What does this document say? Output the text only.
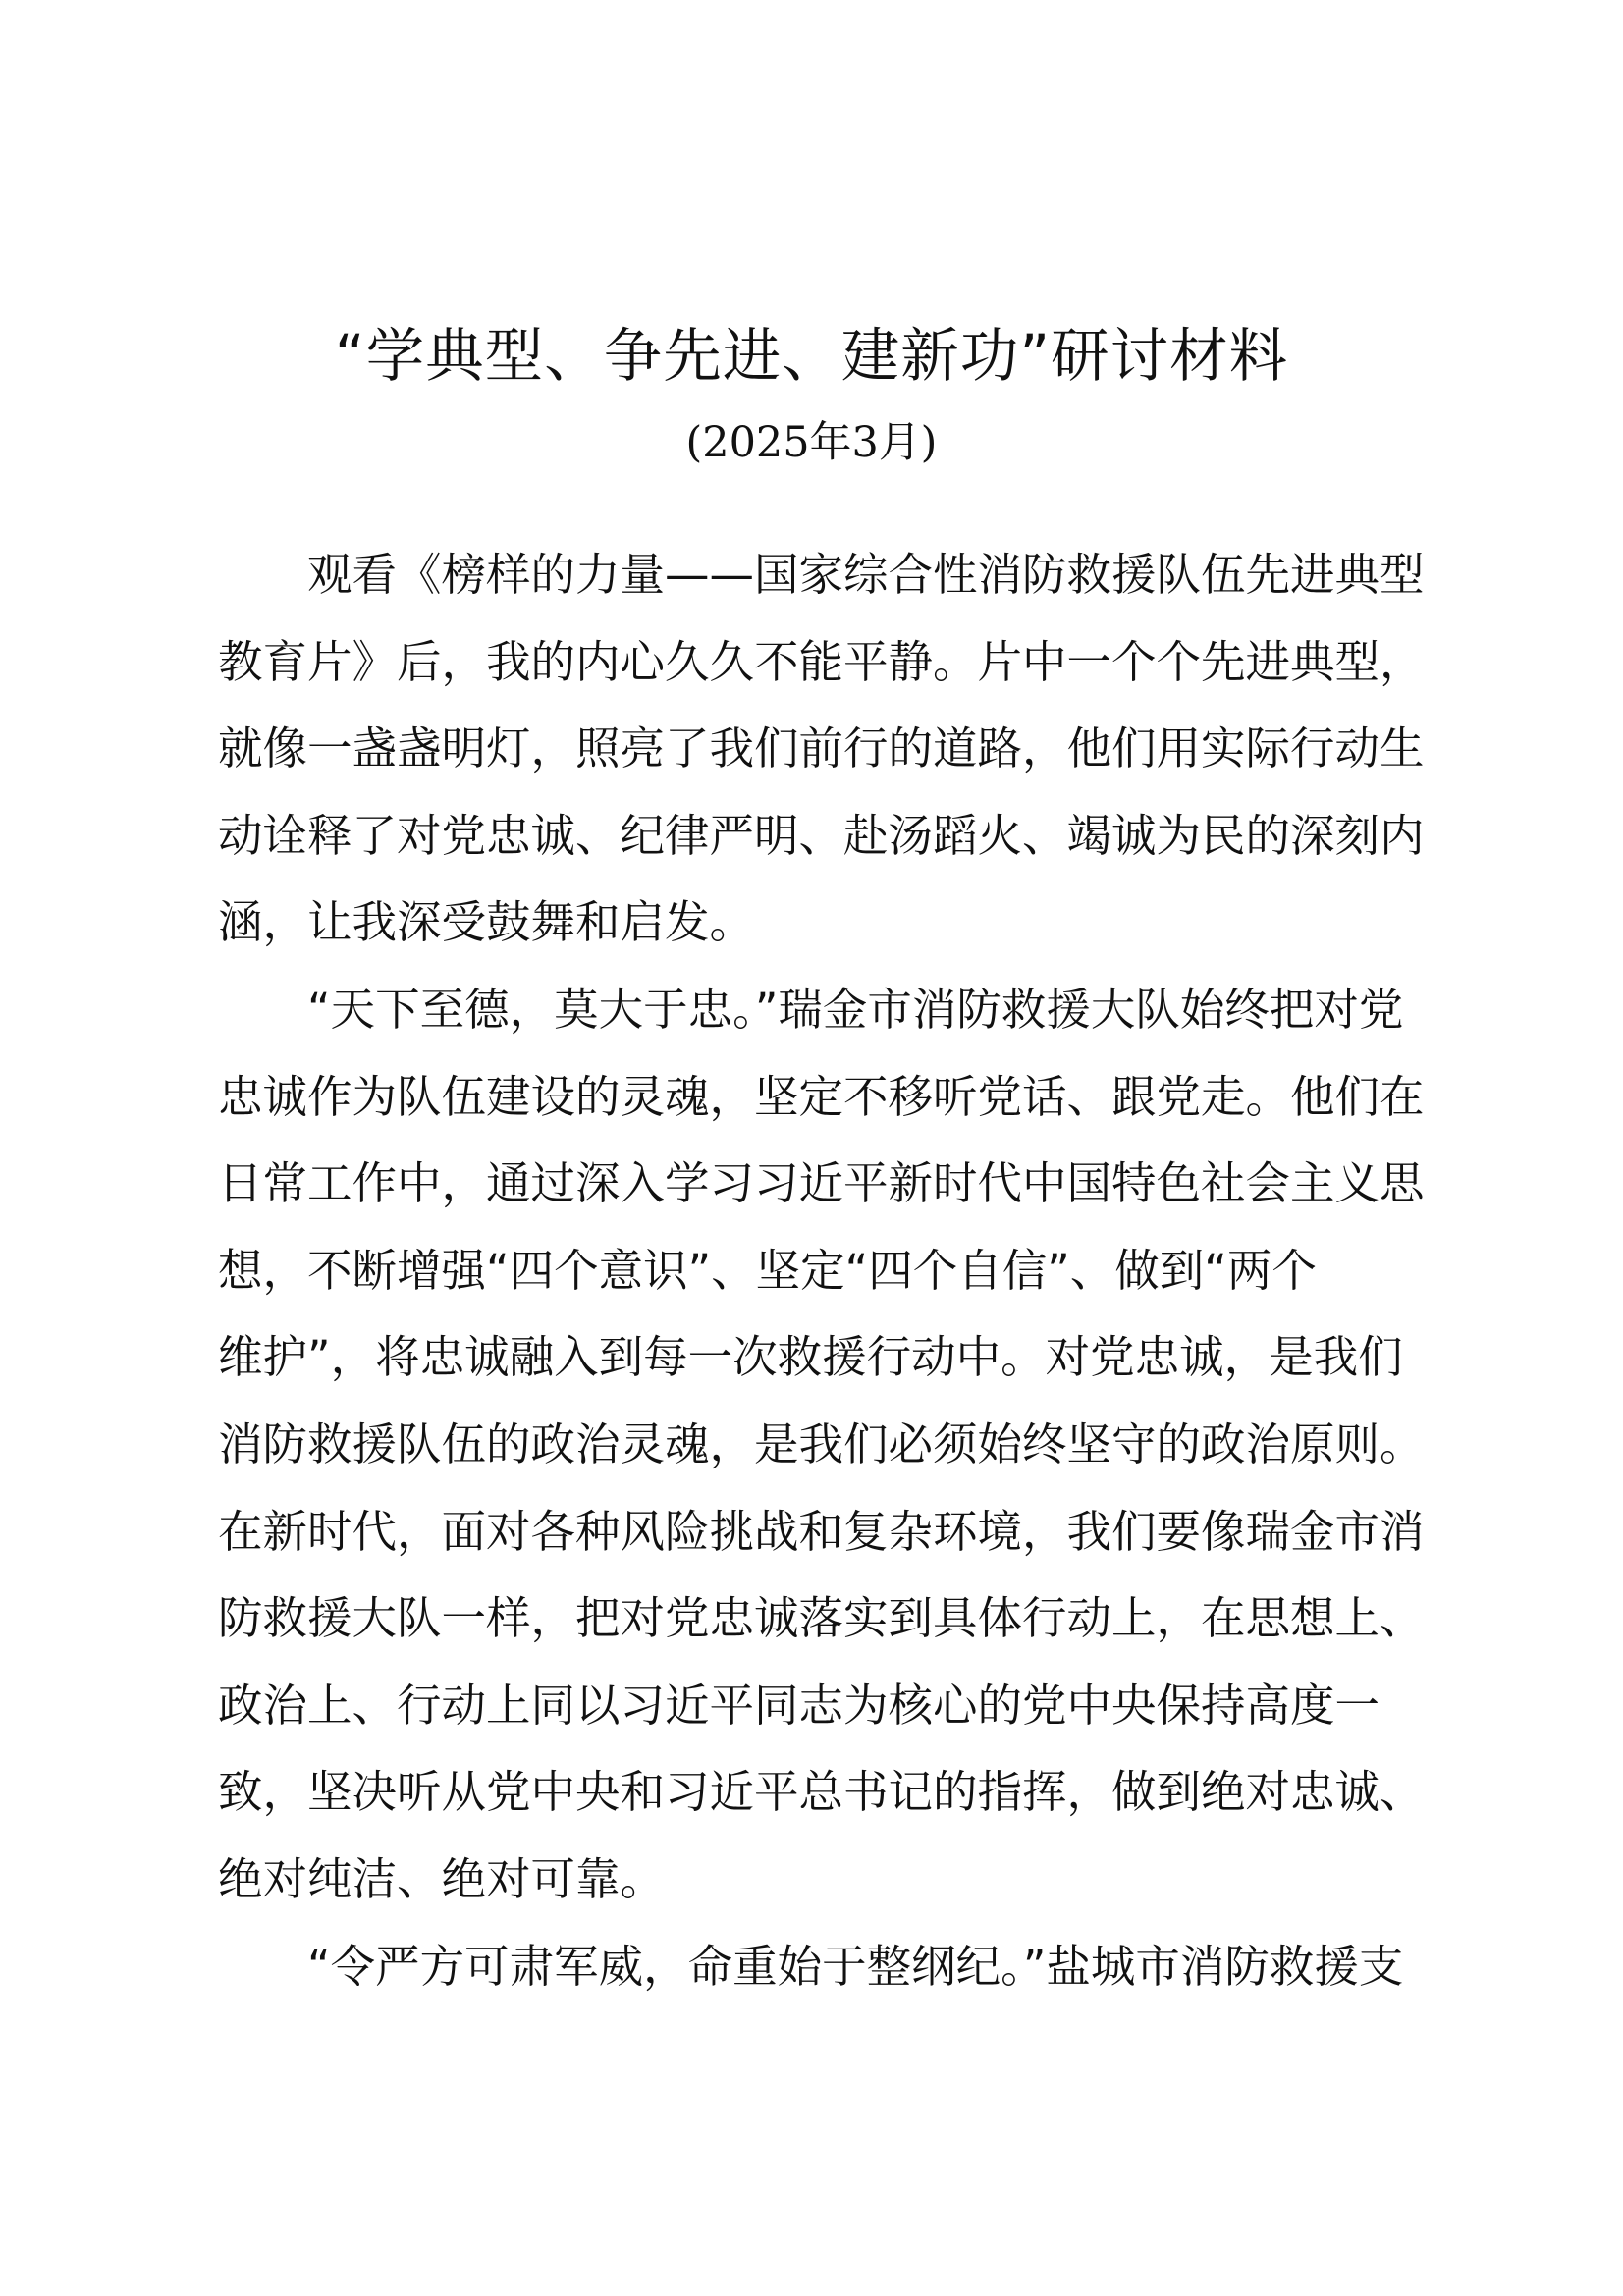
“学典型、争先进、建新功”研讨材料
(2025年3月)
观看《榜样的力量——国家综合性消防救援队伍先进典型
教育片》后，我的内心久久不能平静。片中一个个先进典型，
就像一盏盏明灯，照亮了我们前行的道路，他们用实际行动生
动诠释了对党忠诚、纪律严明、赴汤蹈火、竭诚为民的深刻内
涵，让我深受鼓舞和启发。
“天下至德，莫大于忠。”瑞金市消防救援大队始终把对党
忠诚作为队伍建设的灵魂，坚定不移听党话、跟党走。他们在
日常工作中，通过深入学习习近平新时代中国特色社会主义思
想，不断增强“四个意识”、坚定“四个自信”、做到“两个
维护”，将忠诚融入到每一次救援行动中。对党忠诚，是我们
消防救援队伍的政治灵魂，是我们必须始终坚守的政治原则。
在新时代，面对各种风险挑战和复杂环境，我们要像瑞金市消
防救援大队一样，把对党忠诚落实到具体行动上，在思想上、
政治上、行动上同以习近平同志为核心的党中央保持高度一
致，坚决听从党中央和习近平总书记的指挥，做到绝对忠诚、
绝对纯洁、绝对可靠。
“令严方可肃军威，命重始于整纲纪。”盐城市消防救援支
